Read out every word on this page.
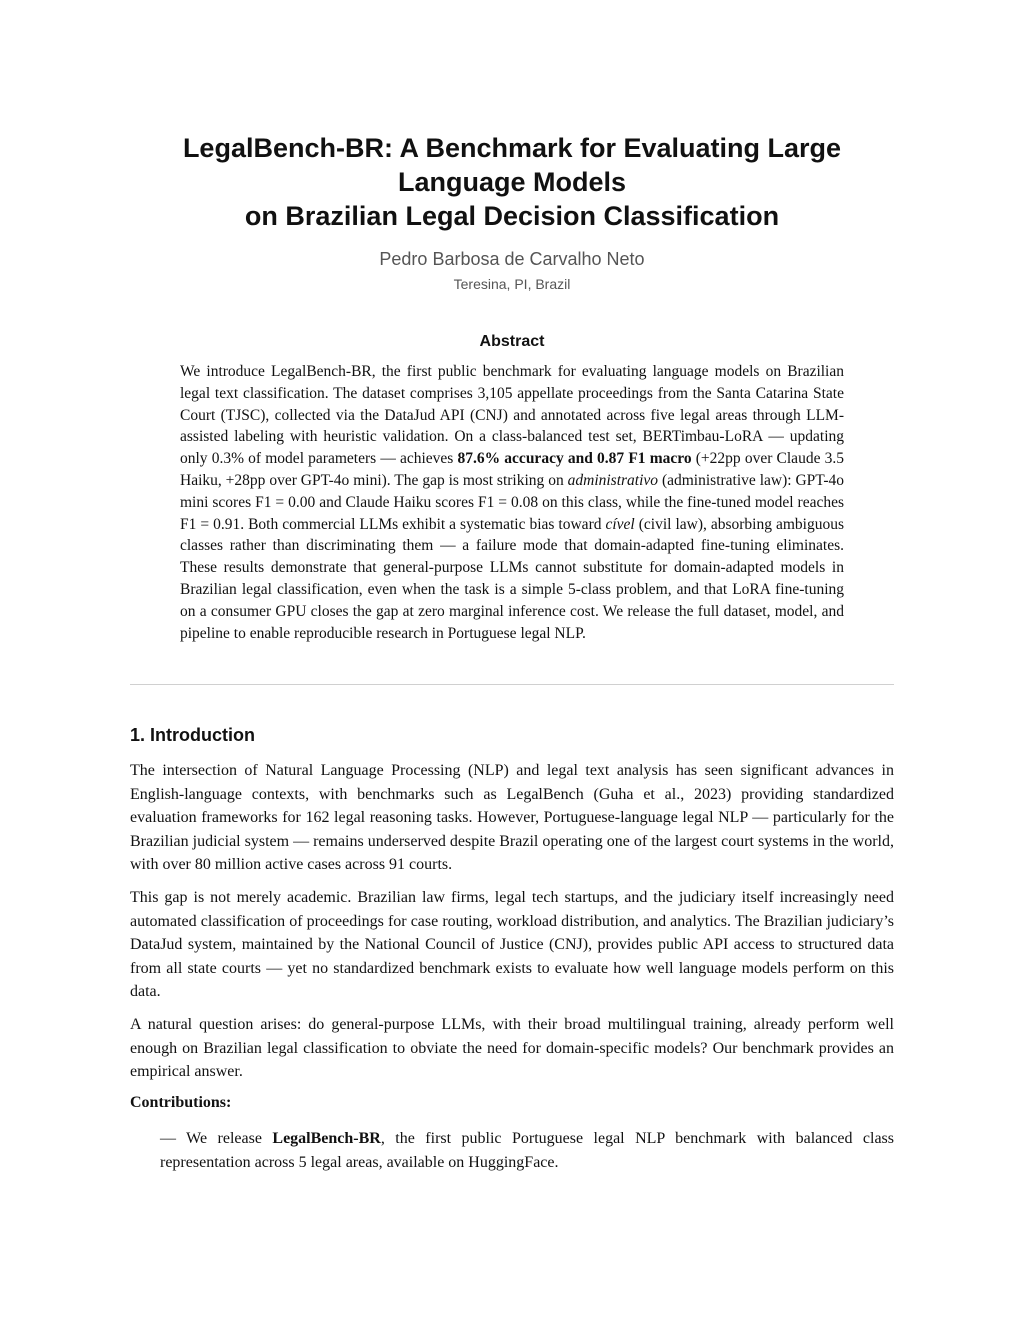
LegalBench-BR: A Benchmark for Evaluating Large
Language Models
on Brazilian Legal Decision Classification
Pedro Barbosa de Carvalho Neto
Teresina, PI, Brazil
Abstract
We introduce LegalBench-BR, the first public benchmark for evaluating language models on Brazilian legal text classification. The dataset comprises 3,105 appellate proceedings from the Santa Catarina State Court (TJSC), collected via the DataJud API (CNJ) and annotated across five legal areas through LLM-assisted labeling with heuristic validation. On a class-balanced test set, BERTimbau-LoRA — updating only 0.3% of model parameters — achieves 87.6% accuracy and 0.87 F1 macro (+22pp over Claude 3.5 Haiku, +28pp over GPT-4o mini). The gap is most striking on administrativo (administrative law): GPT-4o mini scores F1 = 0.00 and Claude Haiku scores F1 = 0.08 on this class, while the fine-tuned model reaches F1 = 0.91. Both commercial LLMs exhibit a systematic bias toward cível (civil law), absorbing ambiguous classes rather than discriminating them — a failure mode that domain-adapted fine-tuning eliminates. These results demonstrate that general-purpose LLMs cannot substitute for domain-adapted models in Brazilian legal classification, even when the task is a simple 5-class problem, and that LoRA fine-tuning on a consumer GPU closes the gap at zero marginal inference cost. We release the full dataset, model, and pipeline to enable reproducible research in Portuguese legal NLP.
1. Introduction

The intersection of Natural Language Processing (NLP) and legal text analysis has seen significant advances in English-language contexts, with benchmarks such as LegalBench (Guha et al., 2023) providing standardized evaluation frameworks for 162 legal reasoning tasks. However, Portuguese-language legal NLP — particularly for the Brazilian judicial system — remains underserved despite Brazil operating one of the largest court systems in the world, with over 80 million active cases across 91 courts.

This gap is not merely academic. Brazilian law firms, legal tech startups, and the judiciary itself increasingly need automated classification of proceedings for case routing, workload distribution, and analytics. The Brazilian judiciary’s DataJud system, maintained by the National Council of Justice (CNJ), provides public API access to structured data from all state courts — yet no standardized benchmark exists to evaluate how well language models perform on this data.

A natural question arises: do general-purpose LLMs, with their broad multilingual training, already perform well enough on Brazilian legal classification to obviate the need for domain-specific models? Our benchmark provides an empirical answer.

Contributions:
— We release LegalBench-BR, the first public Portuguese legal NLP benchmark with balanced class representation across 5 legal areas, available on HuggingFace.
